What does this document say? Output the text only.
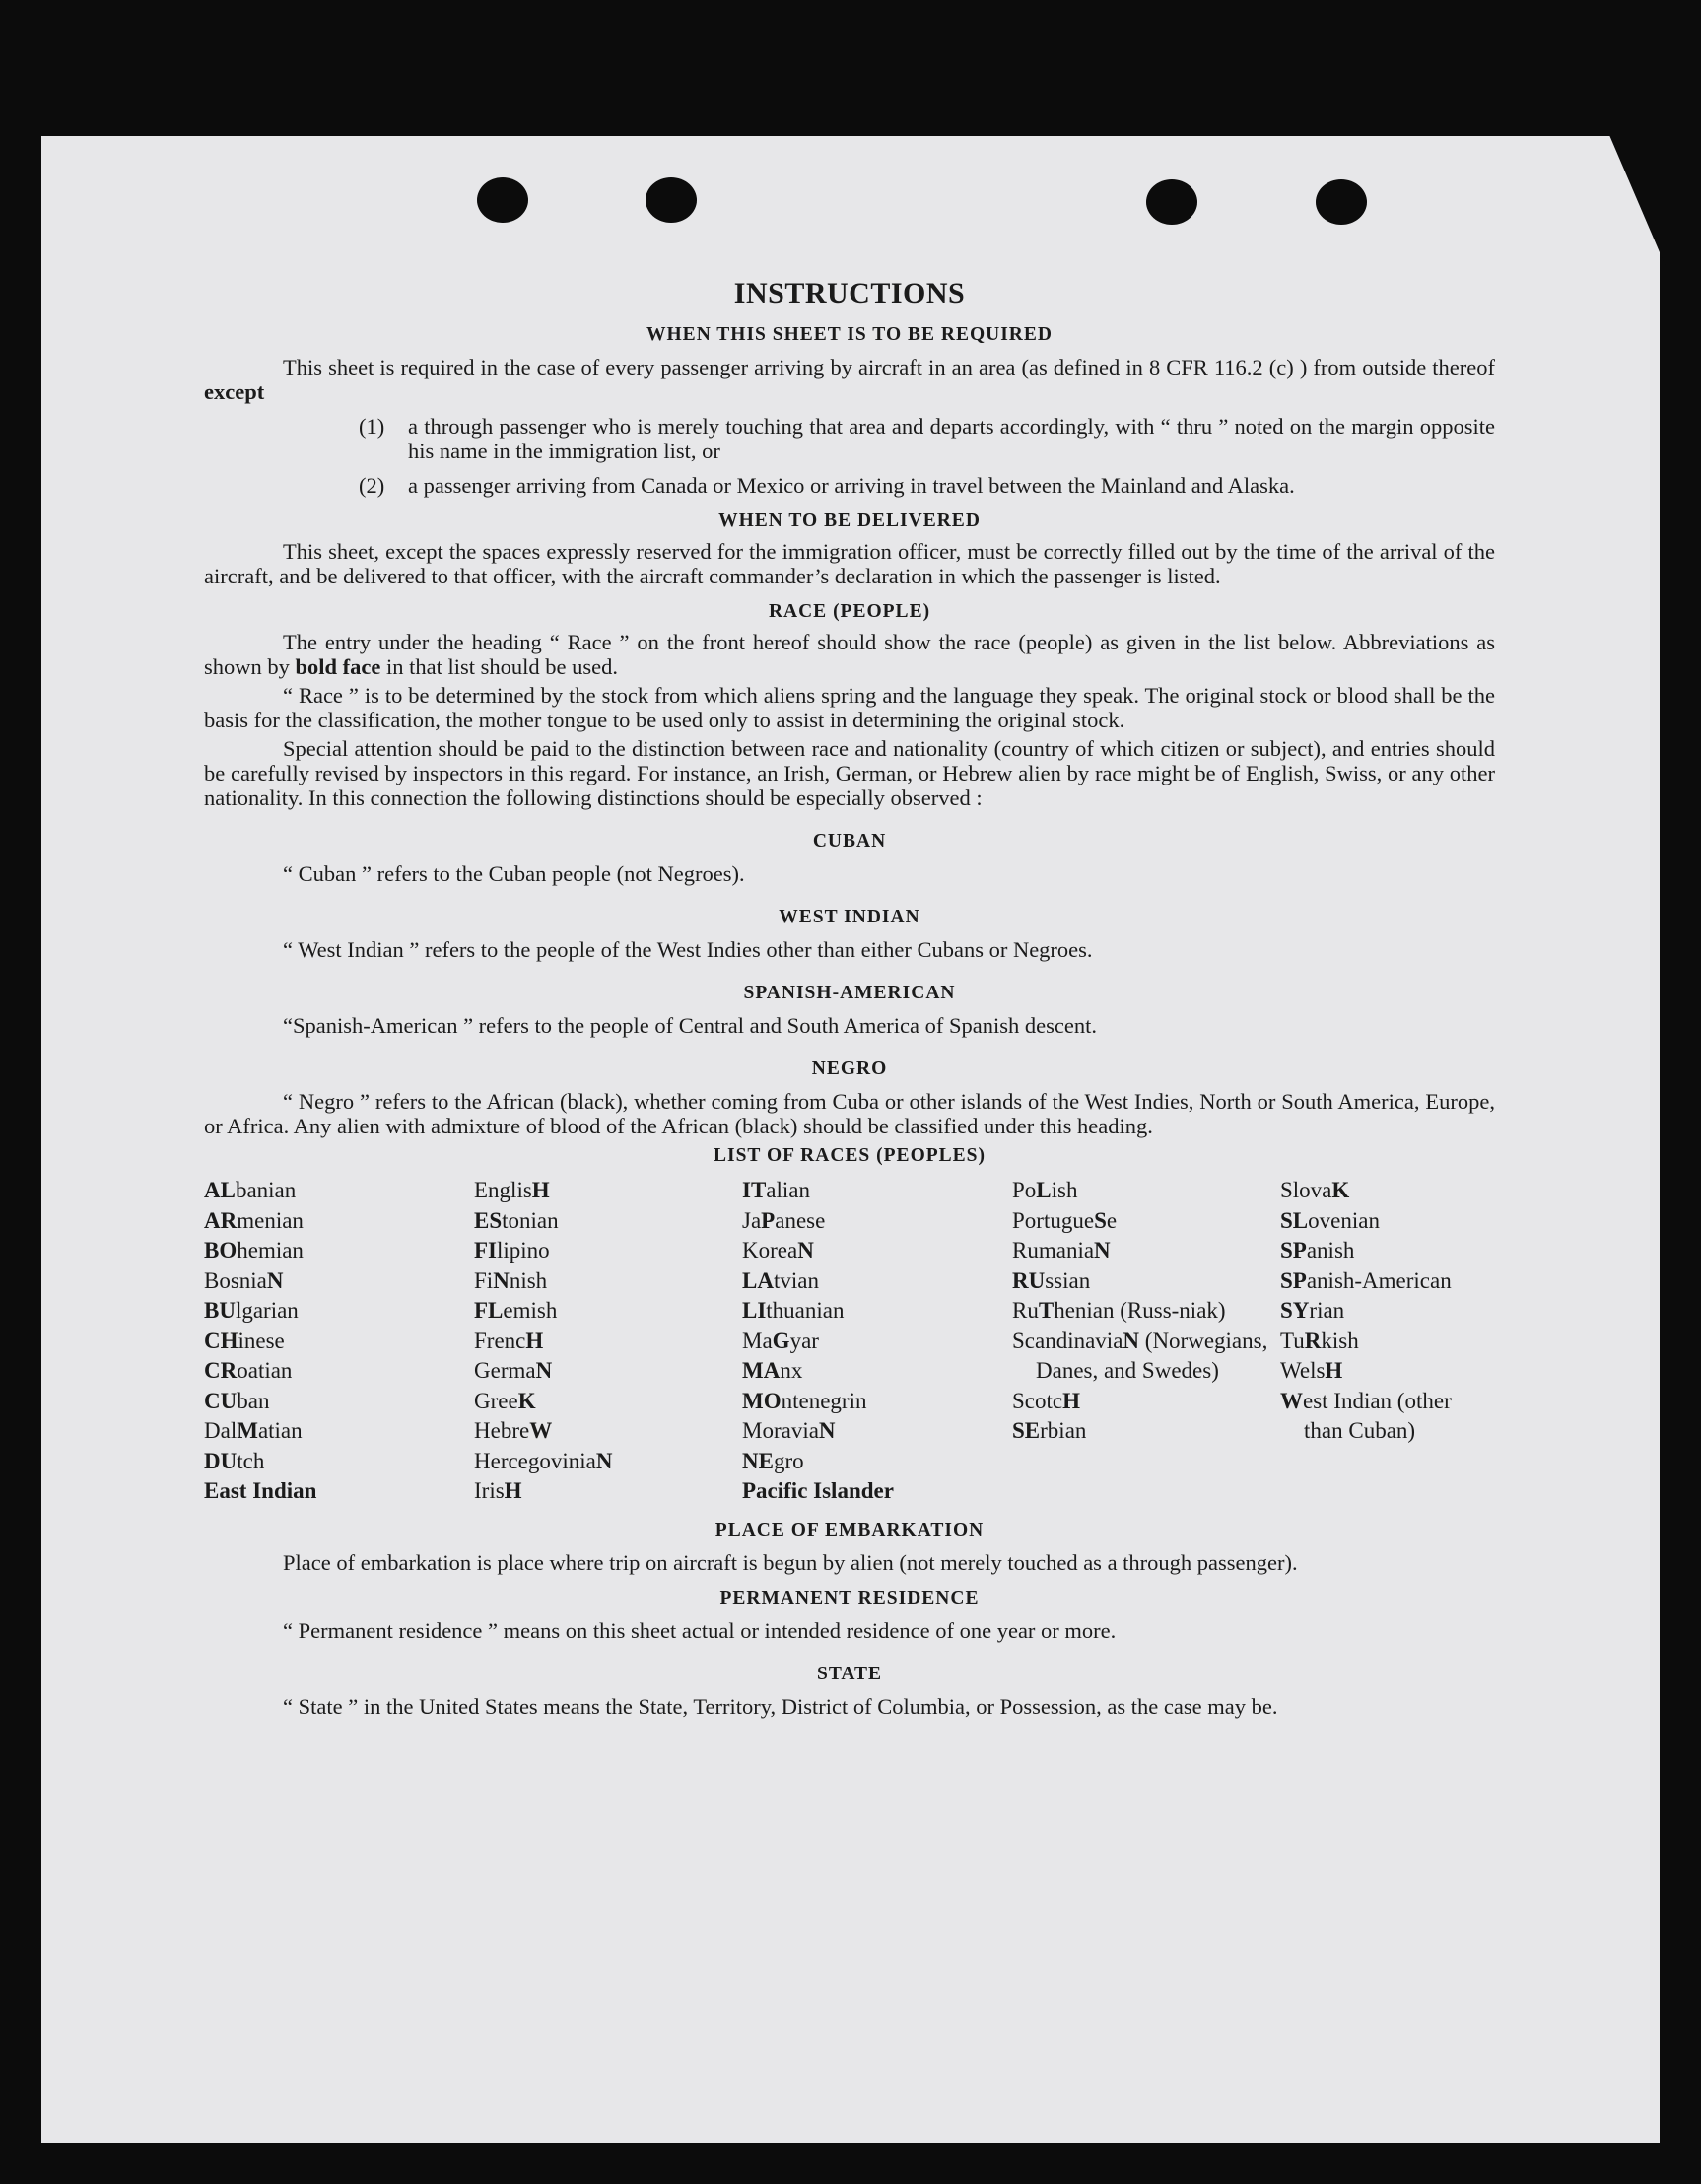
INSTRUCTIONS
WHEN THIS SHEET IS TO BE REQUIRED

This sheet is required in the case of every passenger arriving by aircraft in an area (as defined in 8 CFR 116.2 (c) ) from outside thereof except

(1)	a through passenger who is merely touching that area and departs accordingly, with “ thru ” noted on the margin opposite his name in the immigration list, or
(2)	a passenger arriving from Canada or Mexico or arriving in travel between the Mainland and Alaska.
WHEN TO BE DELIVERED

This sheet, except the spaces expressly reserved for the immigration officer, must be correctly filled out by the time of the arrival of the aircraft, and be delivered to that officer, with the aircraft commander’s declaration in which the passenger is listed.

RACE (PEOPLE)

The entry under the heading “ Race ” on the front hereof should show the race (people) as given in the list below. Abbreviations as shown by bold face in that list should be used.

“ Race ” is to be determined by the stock from which aliens spring and the language they speak. The original stock or blood shall be the basis for the classification, the mother tongue to be used only to assist in determining the original stock.

Special attention should be paid to the distinction between race and nationality (country of which citizen or subject), and entries should be carefully revised by inspectors in this regard. For instance, an Irish, German, or Hebrew alien by race might be of English, Swiss, or any other nationality. In this connection the following distinctions should be especially observed :

CUBAN

“ Cuban ” refers to the Cuban people (not Negroes).

WEST INDIAN

“ West Indian ” refers to the people of the West Indies other than either Cubans or Negroes.

SPANISH-AMERICAN

“Spanish-American ” refers to the people of Central and South America of Spanish descent.

NEGRO

“ Negro ” refers to the African (black), whether coming from Cuba or other islands of the West Indies, North or South America, Europe, or Africa. Any alien with admixture of blood of the African (black) should be classified under this heading.

LIST OF RACES (PEOPLES)
ALbanian
ARmenian
BOhemian
BosniaN
BUlgarian
CHinese
CRoatian
CUban
DalMatian
DUtch
East Indian
EnglisH
EStonian
FIlipino
FiNnish
FLemish
FrencH
GermaN
GreeK
HebreW
HercegoviniaN
IrisH
ITalian
JaPanese
KoreaN
LAtvian
LIthuanian
MaGyar
MAnx
MOntenegrin
MoraviaN
NEgro
Pacific Islander
PoLish
PortugueSe
RumaniaN
RUssian
RuThenian (Russ-niak)
ScandinaviaN (Norwegians, Danes, and Swedes)
ScotcH
SErbian
SlovaK
SLovenian
SPanish
SPanish-American
SYrian
TuRkish
WelsH
West Indian (other than Cuban)
PLACE OF EMBARKATION

Place of embarkation is place where trip on aircraft is begun by alien (not merely touched as a through passenger).

PERMANENT RESIDENCE

“ Permanent residence ” means on this sheet actual or intended residence of one year or more.

STATE

“ State ” in the United States means the State, Territory, District of Columbia, or Possession, as the case may be.
